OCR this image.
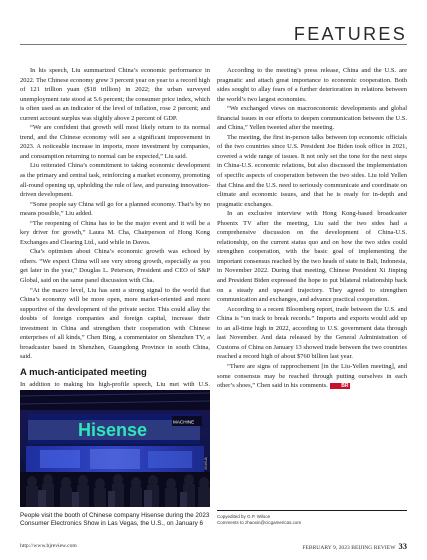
FEATURES

In his speech, Liu summarized China’s economic performance in 2022. The Chinese economy grew 3 percent year on year to a record high of 121 trillion yuan ($18 trillion) in 2022; the urban surveyed unemployment rate stood at 5.6 percent; the consumer price index, which is often used as an indicator of the level of inflation, rose 2 percent; and current account surplus was slightly above 2 percent of GDP.

“We are confident that growth will most likely return to its normal trend, and the Chinese economy will see a significant improvement in 2023. A noticeable increase in imports, more investment by companies, and consumption returning to normal can be expected,” Liu said.

Liu reiterated China’s commitment to taking economic development as the primary and central task, reinforcing a market economy, promoting all-round opening up, upholding the rule of law, and pursuing innovation-driven development.

“Some people say China will go for a planned economy. That’s by no means possible,” Liu added.

“The reopening of China has to be the major event and it will be a key driver for growth,” Laura M. Cha, Chairperson of Hong Kong Exchanges and Clearing Ltd., said while in Davos.

Cha’s optimism about China’s economic growth was echoed by others. “We expect China will see very strong growth, especially as you get later in the year,” Douglas L. Peterson, President and CEO of S&P Global, said on the same panel discussion with Cha.

“At the macro level, Liu has sent a strong signal to the world that China’s economy will be more open, more market-oriented and more supportive of the development of the private sector. This could allay the doubts of foreign companies and foreign capital, increase their investment in China and strengthen their cooperation with Chinese enterprises of all kinds,” Chen Bing, a commentator on Shenzhen TV, a broadcaster based in Shenzhen, Guangdong Province in south China, said.

A much-anticipated meeting

In addition to making his high-profile speech, Liu met with U.S.

Hisense	MACHINE
XINHUA
People visit the booth of Chinese company Hisense during the 2023 Consumer Electronics Show in Las Vegas, the U.S., on January 6

According to the meeting’s press release, China and the U.S. are pragmatic and attach great importance to economic cooperation. Both sides sought to allay fears of a further deterioration in relations between the world’s two largest economies.

“We exchanged views on macroeconomic developments and global financial issues in our efforts to deepen communication between the U.S. and China,” Yellen tweeted after the meeting.

The meeting, the first in-person talks between top economic officials of the two countries since U.S. President Joe Biden took office in 2021, covered a wide range of issues. It not only set the tone for the next steps in China-U.S. economic relations, but also discussed the implementation of specific aspects of cooperation between the two sides. Liu told Yellen that China and the U.S. need to seriously communicate and coordinate on climate and economic issues, and that he is ready for in-depth and pragmatic exchanges.

In an exclusive interview with Hong Kong-based broadcaster Phoenix TV after the meeting, Liu said the two sides had a comprehensive discussion on the development of China-U.S. relationship, on the current status quo and on how the two sides could strengthen cooperation, with the basic goal of implementing the important consensus reached by the two heads of state in Bali, Indonesia, in November 2022. During that meeting, Chinese President Xi Jinping and President Biden expressed the hope to put bilateral relationship back on a steady and upward trajectory. They agreed to strengthen communication and exchanges, and advance practical cooperation.

According to a recent Bloomberg report, trade between the U.S. and China is “on track to break records.” Imports and exports would add up to an all-time high in 2022, according to U.S. government data through last November. And data released by the General Administration of Customs of China on January 13 showed trade between the two countries reached a record high of about $760 billion last year.

“There are signs of rapprochement [in the Liu-Yellen meeting], and some consensus may be reached through putting ourselves in each other’s shoes,” Chen said in his comments.	BR

Copyedited by G.P. Wilson
Comments to zhaoxin@cicgamericas.com
http://www.bjreview.com	FEBRUARY 9, 2023 BEIJING REVIEW 33
